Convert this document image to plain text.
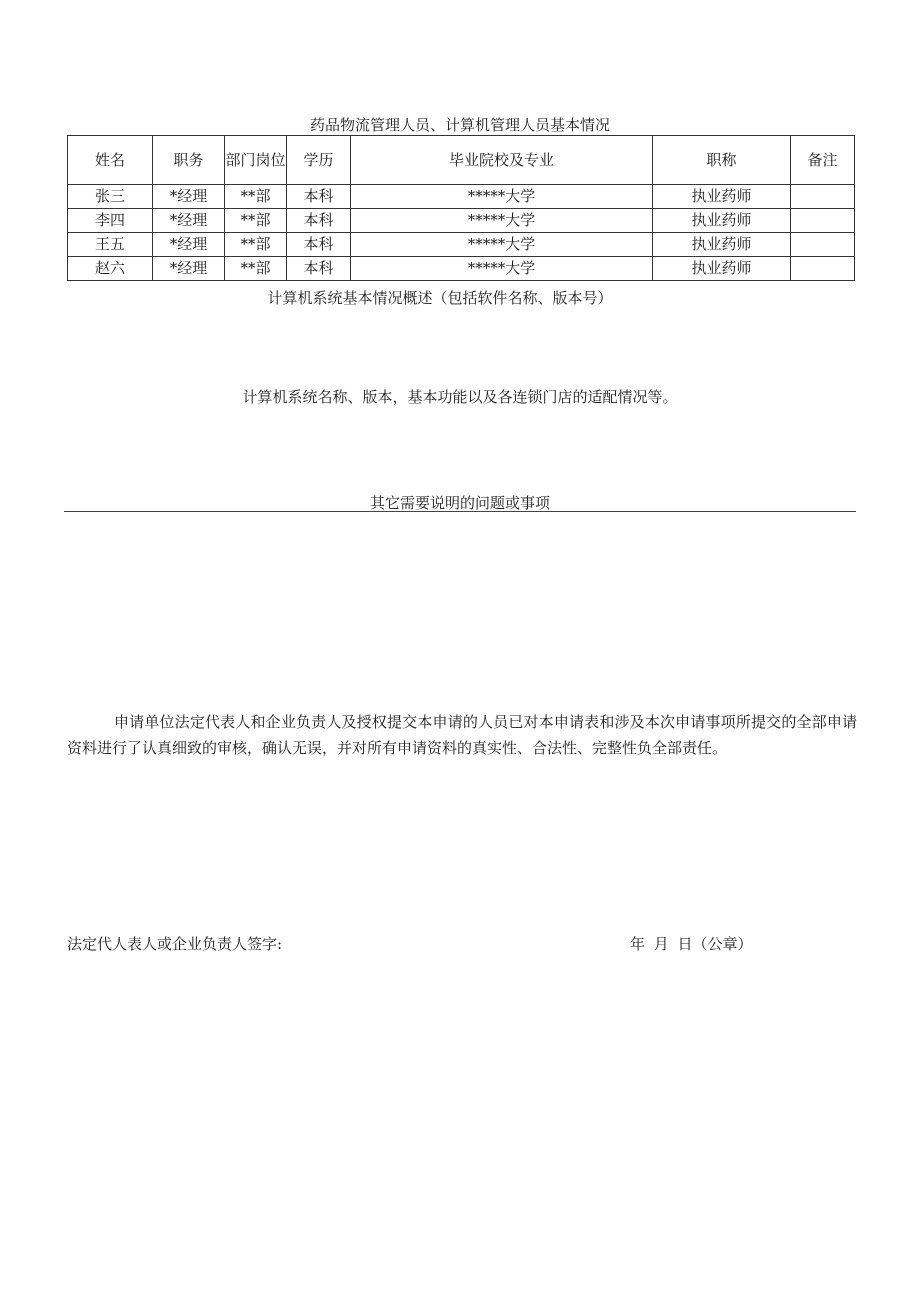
药品物流管理人员、计算机管理人员基本情况
姓名	职务	部门岗位	学历	毕业院校及专业	职称	备注
张三	*经理	**部	本科	*****大学	执业药师	
李四	*经理	**部	本科	*****大学	执业药师	
王五	*经理	**部	本科	*****大学	执业药师	
赵六	*经理	**部	本科	*****大学	执业药师	
计算机系统基本情况概述（包括软件名称、版本号）
计算机系统名称、版本，基本功能以及各连锁门店的适配情况等。
其它需要说明的问题或事项
申请单位法定代表人和企业负责人及授权提交本申请的人员已对本申请表和涉及本次申请事项所提交的全部申请资料进行了认真细致的审核，确认无误，并对所有申请资料的真实性、合法性、完整性负全部责任。
法定代人表人或企业负责人签字:	年 月 日（公章）
